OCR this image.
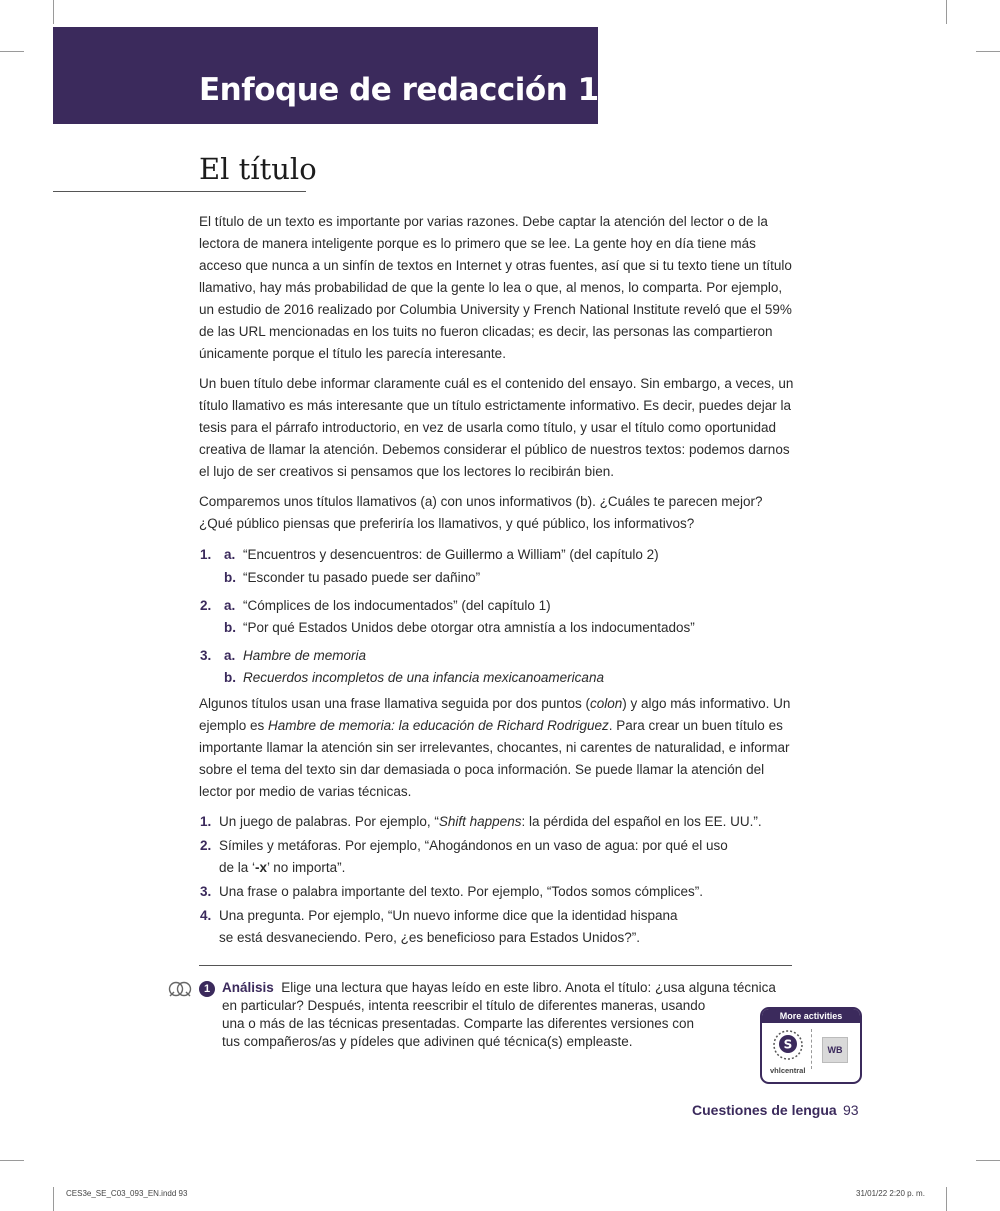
Enfoque de redacción 1
El título

El título de un texto es importante por varias razones. Debe captar la atención del lector o de la lectora de manera inteligente porque es lo primero que se lee. La gente hoy en día tiene más acceso que nunca a un sinfín de textos en Internet y otras fuentes, así que si tu texto tiene un título llamativo, hay más probabilidad de que la gente lo lea o que, al menos, lo comparta. Por ejemplo, un estudio de 2016 realizado por Columbia University y French National Institute reveló que el 59% de las URL mencionadas en los tuits no fueron clicadas; es decir, las personas las compartieron únicamente porque el título les parecía interesante.

Un buen título debe informar claramente cuál es el contenido del ensayo. Sin embargo, a veces, un título llamativo es más interesante que un título estrictamente informativo. Es decir, puedes dejar la tesis para el párrafo introductorio, en vez de usarla como título, y usar el título como oportunidad creativa de llamar la atención. Debemos considerar el público de nuestros textos: podemos darnos el lujo de ser creativos si pensamos que los lectores lo recibirán bien.

Comparemos unos títulos llamativos (a) con unos informativos (b). ¿Cuáles te parecen mejor? ¿Qué público piensas que preferiría los llamativos, y qué público, los informativos?

1. a. “Encuentros y desencuentros: de Guillermo a William” (del capítulo 2)
b. “Esconder tu pasado puede ser dañino”
2. a. “Cómplices de los indocumentados” (del capítulo 1)
b. “Por qué Estados Unidos debe otorgar otra amnistía a los indocumentados”
3. a. Hambre de memoria
b. Recuerdos incompletos de una infancia mexicanoamericana

Algunos títulos usan una frase llamativa seguida por dos puntos (colon) y algo más informativo. Un ejemplo es Hambre de memoria: la educación de Richard Rodriguez. Para crear un buen título es importante llamar la atención sin ser irrelevantes, chocantes, ni carentes de naturalidad, e informar sobre el tema del texto sin dar demasiada o poca información. Se puede llamar la atención del lector por medio de varias técnicas.

1. Un juego de palabras. Por ejemplo, “Shift happens: la pérdida del español en los EE. UU.”.
2. Símiles y metáforas. Por ejemplo, “Ahogándonos en un vaso de agua: por qué el uso
de la ‘-x’ no importa”.
3. Una frase o palabra importante del texto. Por ejemplo, “Todos somos cómplices”.
4. Una pregunta. Por ejemplo, “Un nuevo informe dice que la identidad hispana
se está desvaneciendo. Pero, ¿es beneficioso para Estados Unidos?”.
1 Análisis Elige una lectura que hayas leído en este libro. Anota el título: ¿usa alguna técnica
en particular? Después, intenta reescribir el título de diferentes maneras, usando
una o más de las técnicas presentadas. Comparte las diferentes versiones con
tus compañeros/as y pídeles que adivinen qué técnica(s) empleaste.
More activities
S	WB
vhlcentral
Cuestiones de lengua 93
CES3e_SE_C03_093_EN.indd 93	31/01/22 2:20 p. m.
